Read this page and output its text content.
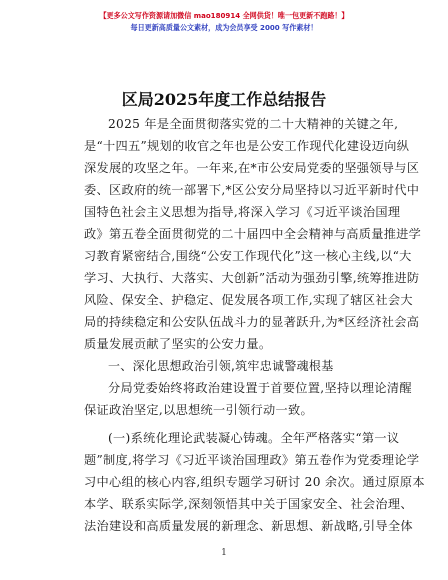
【更多公文写作资源请加微信 mao180914 全网供货！唯一包更新不跑路！】
每日更新高质量公文素材，成为会员享受 2000 写作素材！
区局2025年度工作总结报告
2025 年是全面贯彻落实党的二十大精神的关键之年,
是“十四五”规划的收官之年也是公安工作现代化建设迈向纵
深发展的攻坚之年。一年来,在*市公安局党委的坚强领导与区
委、区政府的统一部署下,*区公安分局坚持以习近平新时代中
国特色社会主义思想为指导,将深入学习《习近平谈治国理
政》第五卷全面贯彻党的二十届四中全会精神与高质量推进学
习教育紧密结合,围绕“公安工作现代化”这一核心主线,以“大
学习、大执行、大落实、大创新”活动为强劲引擎,统筹推进防
风险、保安全、护稳定、促发展各项工作,实现了辖区社会大
局的持续稳定和公安队伍战斗力的显著跃升,为*区经济社会高
质量发展贡献了坚实的公安力量。
一、深化思想政治引领,筑牢忠诚警魂根基
分局党委始终将政治建设置于首要位置,坚持以理论清醒
保证政治坚定,以思想统一引领行动一致。
(一)系统化理论武装凝心铸魂。全年严格落实“第一议
题”制度,将学习《习近平谈治国理政》第五卷作为党委理论学
习中心组的核心内容,组织专题学习研讨 20 余次。通过原原本
本学、联系实际学,深刻领悟其中关于国家安全、社会治理、
法治建设和高质量发展的新理念、新思想、新战略,引导全体
1
